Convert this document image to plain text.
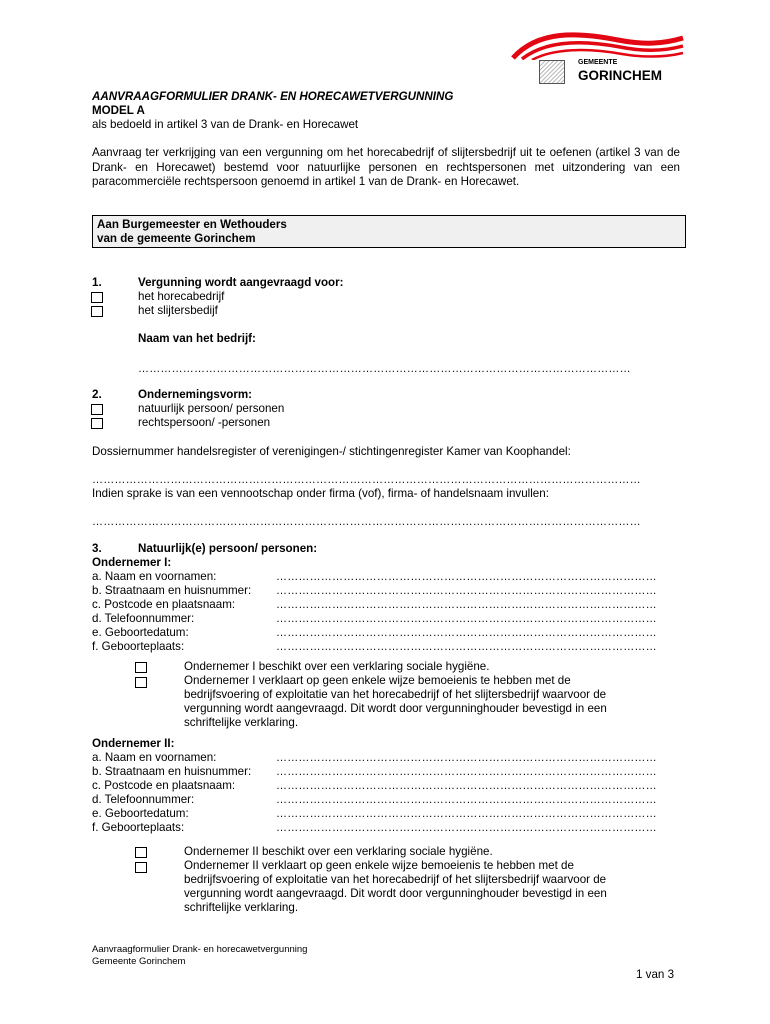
GEMEENTE
GORINCHEM
AANVRAAGFORMULIER DRANK- EN HORECAWETVERGUNNING
MODEL A
als bedoeld in artikel 3 van de Drank- en Horecawet
Aanvraag ter verkrijging van een vergunning om het horecabedrijf of slijtersbedrijf uit te oefenen (artikel 3 van de Drank- en Horecawet) bestemd voor natuurlijke personen en rechtspersonen met uitzondering van een paracommerciële rechtspersoon genoemd in artikel 1 van de Drank- en Horecawet.
Aan Burgemeester en Wethouders
van de gemeente Gorinchem
1.	Vergunning wordt aangevraagd voor:
het horecabedrijf
het slijtersbedijf
Naam van het bedrijf:
……………………………………………………………………………………………………………………
2.	Ondernemingsvorm:
natuurlijk persoon/ personen
rechtspersoon/ -personen
Dossiernummer handelsregister of verenigingen-/ stichtingenregister Kamer van Koophandel:
…………………………………………………………………………………………………………………………………
Indien sprake is van een vennootschap onder firma (vof), firma- of handelsnaam invullen:
…………………………………………………………………………………………………………………………………
3.	Natuurlijk(e) persoon/ personen:
Ondernemer I:
a. Naam en voornamen:	…………………………………………………………………………………………
b. Straatnaam en huisnummer: …………………………………………………………………………………………
c. Postcode en plaatsnaam:	…………………………………………………………………………………………
d. Telefoonnummer:	…………………………………………………………………………………………
e. Geboortedatum:	…………………………………………………………………………………………
f. Geboorteplaats:	…………………………………………………………………………………………
Ondernemer I beschikt over een verklaring sociale hygiëne.
Ondernemer I verklaart op geen enkele wijze bemoeienis te hebben met de
bedrijfsvoering of exploitatie van het horecabedrijf of het slijtersbedrijf waarvoor de
vergunning wordt aangevraagd. Dit wordt door vergunninghouder bevestigd in een
schriftelijke verklaring.
Ondernemer II:
a. Naam en voornamen:	…………………………………………………………………………………………
b. Straatnaam en huisnummer: …………………………………………………………………………………………
c. Postcode en plaatsnaam:	…………………………………………………………………………………………
d. Telefoonnummer:	…………………………………………………………………………………………
e. Geboortedatum:	…………………………………………………………………………………………
f. Geboorteplaats:	…………………………………………………………………………………………
Ondernemer II beschikt over een verklaring sociale hygiëne.
Ondernemer II verklaart op geen enkele wijze bemoeienis te hebben met de
bedrijfsvoering of exploitatie van het horecabedrijf of het slijtersbedrijf waarvoor de
vergunning wordt aangevraagd. Dit wordt door vergunninghouder bevestigd in een
schriftelijke verklaring.
Aanvraagformulier Drank- en horecawetvergunning
Gemeente Gorinchem
1 van 3
